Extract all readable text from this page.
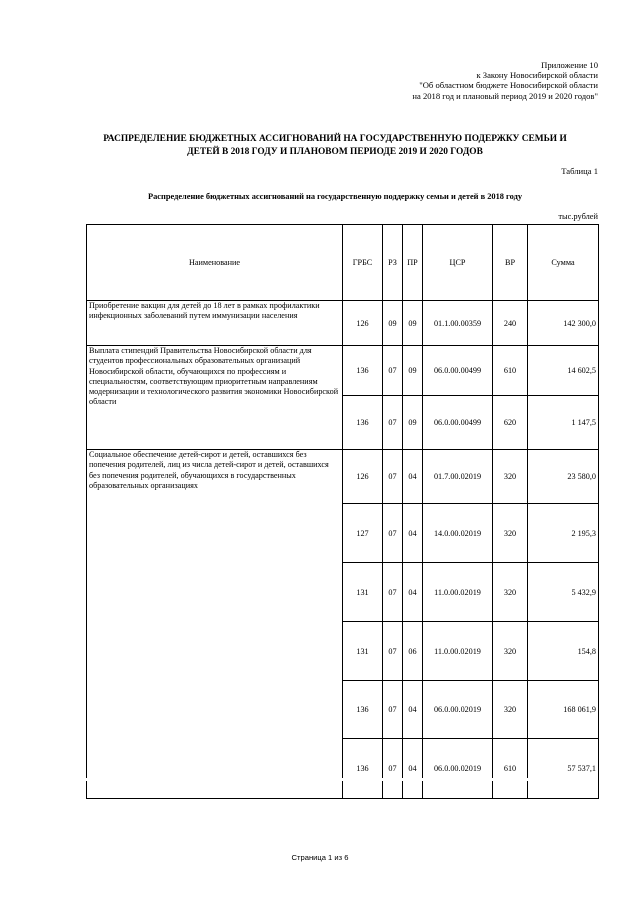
Приложение 10
к Закону Новосибирской области
"Об областном бюджете Новосибирской области
на 2018 год и плановый период 2019 и 2020 годов"
РАСПРЕДЕЛЕНИЕ БЮДЖЕТНЫХ АССИГНОВАНИЙ НА ГОСУДАРСТВЕННУЮ ПОДЕРЖКУ СЕМЬИ И
ДЕТЕЙ В 2018 ГОДУ И ПЛАНОВОМ ПЕРИОДЕ 2019 И 2020 ГОДОВ
Таблица 1
Распределение бюджетных ассигнований на государственную поддержку семьи и детей в 2018 году
тыс.рублей
Наименование	ГРБС	РЗ	ПР	ЦСР	ВР	Сумма
Приобретение вакцин для детей до 18 лет в рамках профилактики инфекционных заболеваний путем иммунизации населения	126	09	09	01.1.00.00359	240	142 300,0
Выплата стипендий Правительства Новосибирской области для студентов профессиональных образовательных организаций Новосибирской области, обучающихся по профессиям и специальностям, соответствующим приоритетным направлениям модернизации и технологического развития экономики Новосибирской области	136	07	09	06.0.00.00499	610	14 602,5
	136	07	09	06.0.00.00499	620	1 147,5
Социальное обеспечение детей-сирот и детей, оставшихся без попечения родителей, лиц из числа детей-сирот и детей, оставшихся без попечения родителей, обучающихся в государственных образовательных организациях	126	07	04	01.7.00.02019	320	23 580,0
	127	07	04	14.0.00.02019	320	2 195,3
	131	07	04	11.0.00.02019	320	5 432,9
	131	07	06	11.0.00.02019	320	154,8
	136	07	04	06.0.00.02019	320	168 061,9
	136	07	04	06.0.00.02019	610	57 537,1
Страница 1 из 6
